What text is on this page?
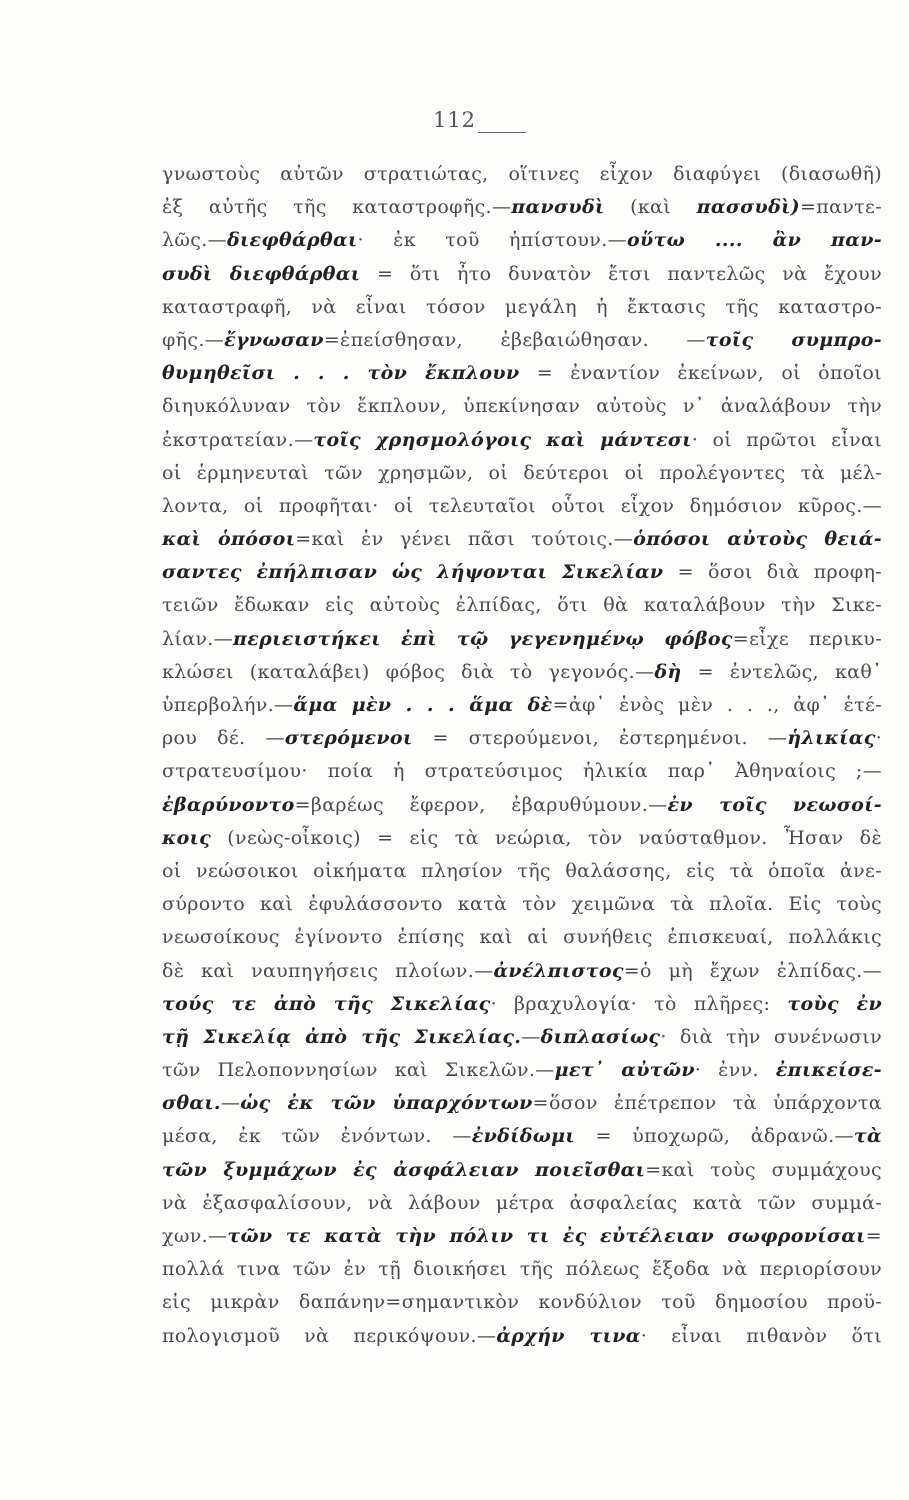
112
γνωστοὺς αὐτῶν στρατιώτας, οἵτινες εἶχον διαφύγει (διασωθῆ)
ἐξ αὐτῆς τῆς καταστροφῆς.—πανσυδὶ (καὶ πασσυδὶ)=παντε-
λῶς.—διεφθάρθαι· ἐκ τοῦ ἠπίστουν.—οὕτω .... ἂν παν-
συδὶ διεφθάρθαι = ὅτι ἦτο δυνατὸν ἔτσι παντελῶς νὰ ἔχουν
καταστραφῆ, νὰ εἶναι τόσον μεγάλη ἡ ἔκτασις τῆς καταστρο-
φῆς.—ἔγνωσαν=ἐπείσθησαν, ἐβεβαιώθησαν. —τοῖς συμπρο-
θυμηθεῖσι . . . τὸν ἔκπλουν = ἐναντίον ἐκείνων, οἱ ὁποῖοι
διηυκόλυναν τὸν ἔκπλουν, ὑπεκίνησαν αὐτοὺς ν᾽ ἀναλάβουν τὴν
ἐκστρατείαν.—τοῖς χρησμολόγοις καὶ μάντεσι· οἱ πρῶτοι εἶναι
οἱ ἑρμηνευταὶ τῶν χρησμῶν, οἱ δεύτεροι οἱ προλέγοντες τὰ μέλ-
λοντα, οἱ προφῆται· οἱ τελευταῖοι οὗτοι εἶχον δημόσιον κῦρος.—
καὶ ὁπόσοι=καὶ ἐν γένει πᾶσι τούτοις.—ὁπόσοι αὐτοὺς θειά-
σαντες ἐπήλπισαν ὡς λήψονται Σικελίαν = ὅσοι διὰ προφη-
τειῶν ἔδωκαν εἰς αὐτοὺς ἐλπίδας, ὅτι θὰ καταλάβουν τὴν Σικε-
λίαν.—περιειστήκει ἐπὶ τῷ γεγενημένῳ φόβος=εἶχε περικυ-
κλώσει (καταλάβει) φόβος διὰ τὸ γεγονός.—δὴ = ἐντελῶς, καθ᾽
ὑπερβολήν.—ἅμα μὲν . . . ἅμα δὲ=ἀφ᾽ ἑνὸς μὲν . . ., ἀφ᾽ ἑτέ-
ρου δέ. —στερόμενοι = στερούμενοι, ἐστερημένοι. —ἡλικίας·
στρατευσίμου· ποία ἡ στρατεύσιμος ἡλικία παρ᾽ Ἀθηναίοις ;—
ἐβαρύνοντο=βαρέως ἔφερον, ἐβαρυθύμουν.—ἐν τοῖς νεωσοί-
κοις (νεὼς-οἶκοις) = εἰς τὰ νεώρια, τὸν ναύσταθμον. Ἦσαν δὲ
οἱ νεώσοικοι οἰκήματα πλησίον τῆς θαλάσσης, εἰς τὰ ὁποῖα ἀνε-
σύροντο καὶ ἐφυλάσσοντο κατὰ τὸν χειμῶνα τὰ πλοῖα. Εἰς τοὺς
νεωσοίκους ἐγίνοντο ἐπίσης καὶ αἱ συνήθεις ἐπισκευαί, πολλάκις
δὲ καὶ ναυπηγήσεις πλοίων.—ἀνέλπιστος=ὁ μὴ ἔχων ἐλπίδας.—
τούς τε ἀπὸ τῆς Σικελίας· βραχυλογία· τὸ πλῆρες: τοὺς ἐν
τῇ Σικελίᾳ ἀπὸ τῆς Σικελίας.—διπλασίως· διὰ τὴν συνένωσιν
τῶν Πελοποννησίων καὶ Σικελῶν.—μετ᾽ αὐτῶν· ἐνν. ἐπικείσε-
σθαι.—ὡς ἐκ τῶν ὑπαρχόντων=ὅσον ἐπέτρεπον τὰ ὑπάρχοντα
μέσα, ἐκ τῶν ἐνόντων. —ἐνδίδωμι = ὑποχωρῶ, ἀδρανῶ.—τὰ
τῶν ξυμμάχων ἐς ἀσφάλειαν ποιεῖσθαι=καὶ τοὺς συμμάχους
νὰ ἐξασφαλίσουν, νὰ λάβουν μέτρα ἀσφαλείας κατὰ τῶν συμμά-
χων.—τῶν τε κατὰ τὴν πόλιν τι ἐς εὐτέλειαν σωφρονίσαι=
πολλά τινα τῶν ἐν τῇ διοικήσει τῆς πόλεως ἔξοδα νὰ περιορίσουν
εἰς μικρὰν δαπάνην=σημαντικὸν κονδύλιον τοῦ δημοσίου προϋ-
πολογισμοῦ νὰ περικόψουν.—ἀρχήν τινα· εἶναι πιθανὸν ὅτι
